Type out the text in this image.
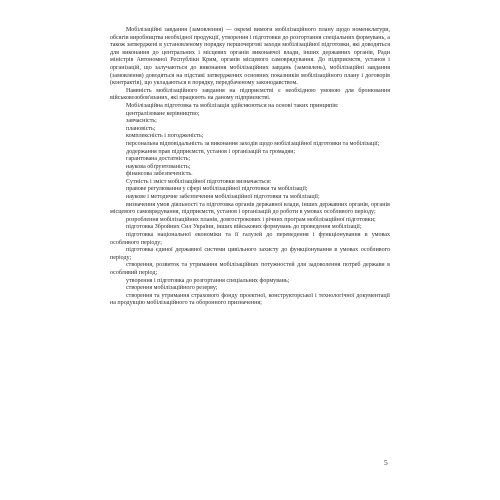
Мобілізаційні завдання (замовлення) — окремі вимоги мобілізаційного плану щодо номенклатури, обсягів виробництва необхідної продукції, утворення і підготовки до розгортання спеціальних формувань, а також затверджені в установленому порядку першочергові заходи мобілізаційної підготовки, які доводяться для виконання до центральних і місцевих органів виконавчої влади, інших державних органів, Ради міністрів Автономної Республіки Крим, органів місцевого самоврядування. До підприємств, установ і організацій, що залучаються до виконання мобілізаційних завдань (замовлень), мобілізаційні завдання (замовлення) доводяться на підставі затверджених основних показників мобілізаційного плану і договорів (контрактів), що укладаються в порядку, передбаченому законодавством.

Наявність мобілізаційного завдання на підприємстві є необхідною умовою для бронювання військовозобов'язаних, які працюють на даному підприємстві.

Мобілізаційна підготовка та мобілізація здійснюються на основі таких принципів:

централізоване керівництво;

завчасність;

плановість;

комплексність і погодженість;

персональна відповідальність за виконання заходів щодо мобілізаційної підготовки та мобілізації;

додержання прав підприємств, установ і організацій та громадян;

гарантована достатність;

наукова обґрунтованість;

фінансова забезпеченість.

Сутність і зміст мобілізаційної підготовки визначається:

правове регулювання у сфері мобілізаційної підготовки та мобілізації;

наукове і методичне забезпечення мобілізаційної підготовки та мобілізації;

визначення умов діяльності та підготовка органів державної влади, інших державних органів, органів місцевого самоврядування, підприємств, установ і організацій до роботи в умовах особливого періоду;

розроблення мобілізаційних планів, довгострокових і річних програм мобілізаційної підготовки;

підготовка Збройних Сил України, інших військових формувань до проведення мобілізації;

підготовка національної економіки та її галузей до переведення і функціонування в умовах особливого періоду;

підготовка єдиної державної системи цивільного захисту до функціонування в умовах особливого періоду;

створення, розвиток та утримання мобілізаційних потужностей для задоволення потреб держави в особливий період;

утворення і підготовка до розгортання спеціальних формувань;

створення мобілізаційного резерву;

створення та утримання страхового фонду проектної, конструкторської і технологічної документації на продукцію мобілізаційного та оборонного призначення;

5
